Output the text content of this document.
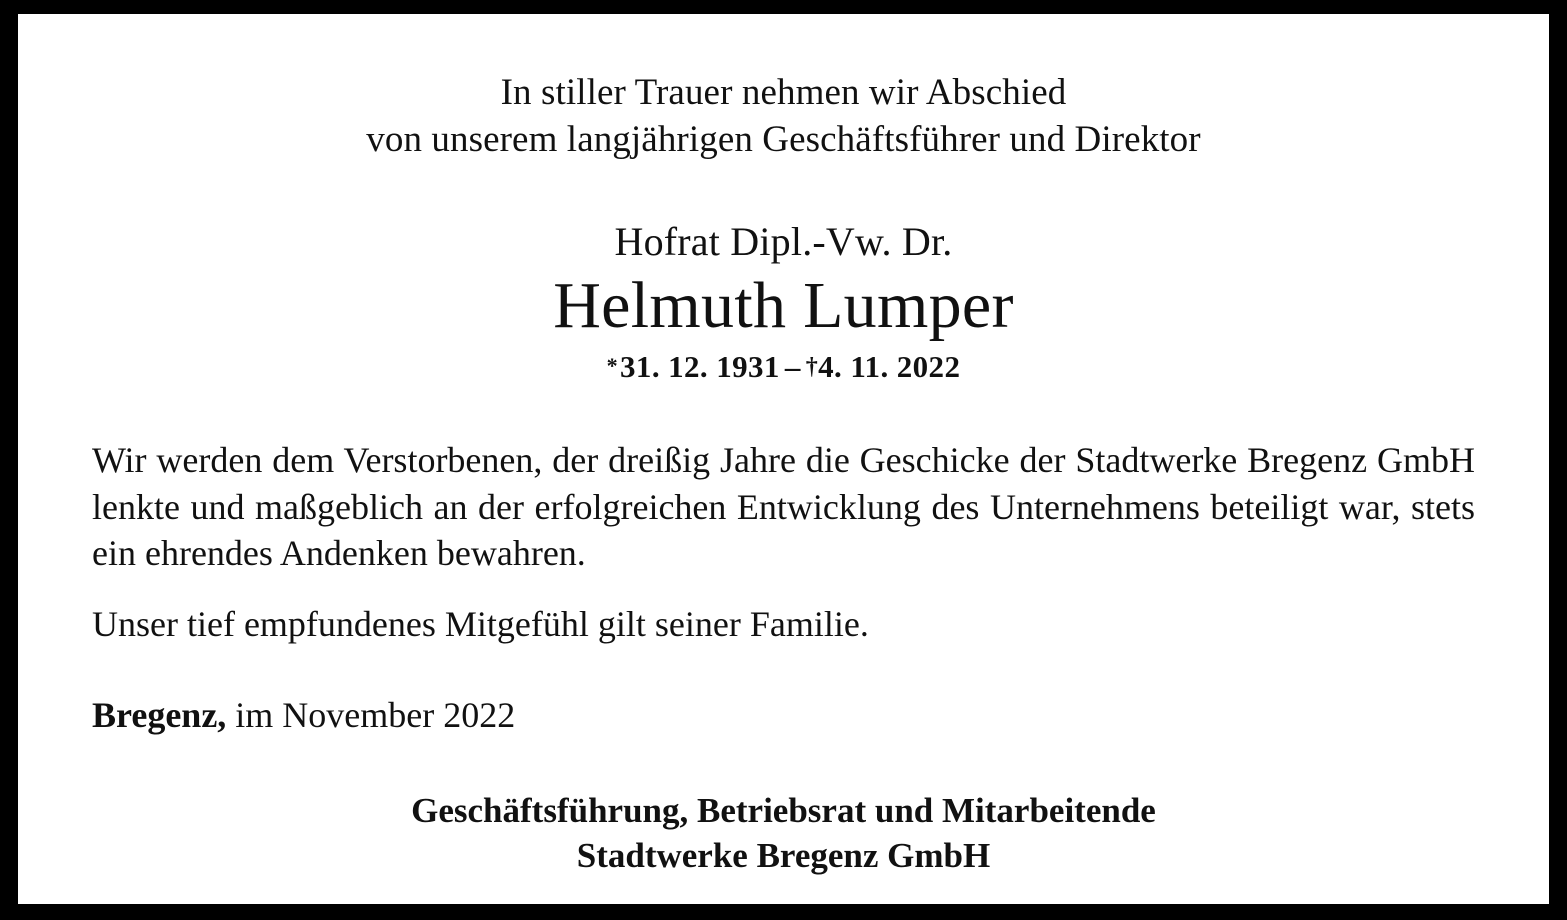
In stiller Trauer nehmen wir Abschied
von unserem langjährigen Geschäftsführer und Direktor
Hofrat Dipl.-Vw. Dr.
Helmuth Lumper
*31. 12. 1931 – †4. 11. 2022

Wir werden dem Verstorbenen, der dreißig Jahre die Geschicke der Stadtwerke Bregenz GmbH lenkte und maßgeblich an der erfolgreichen Entwicklung des Unternehmens beteiligt war, stets ein ehrendes Andenken bewahren.

Unser tief empfundenes Mitgefühl gilt seiner Familie.

Bregenz, im November 2022
Geschäftsführung, Betriebsrat und Mitarbeitende
Stadtwerke Bregenz GmbH
